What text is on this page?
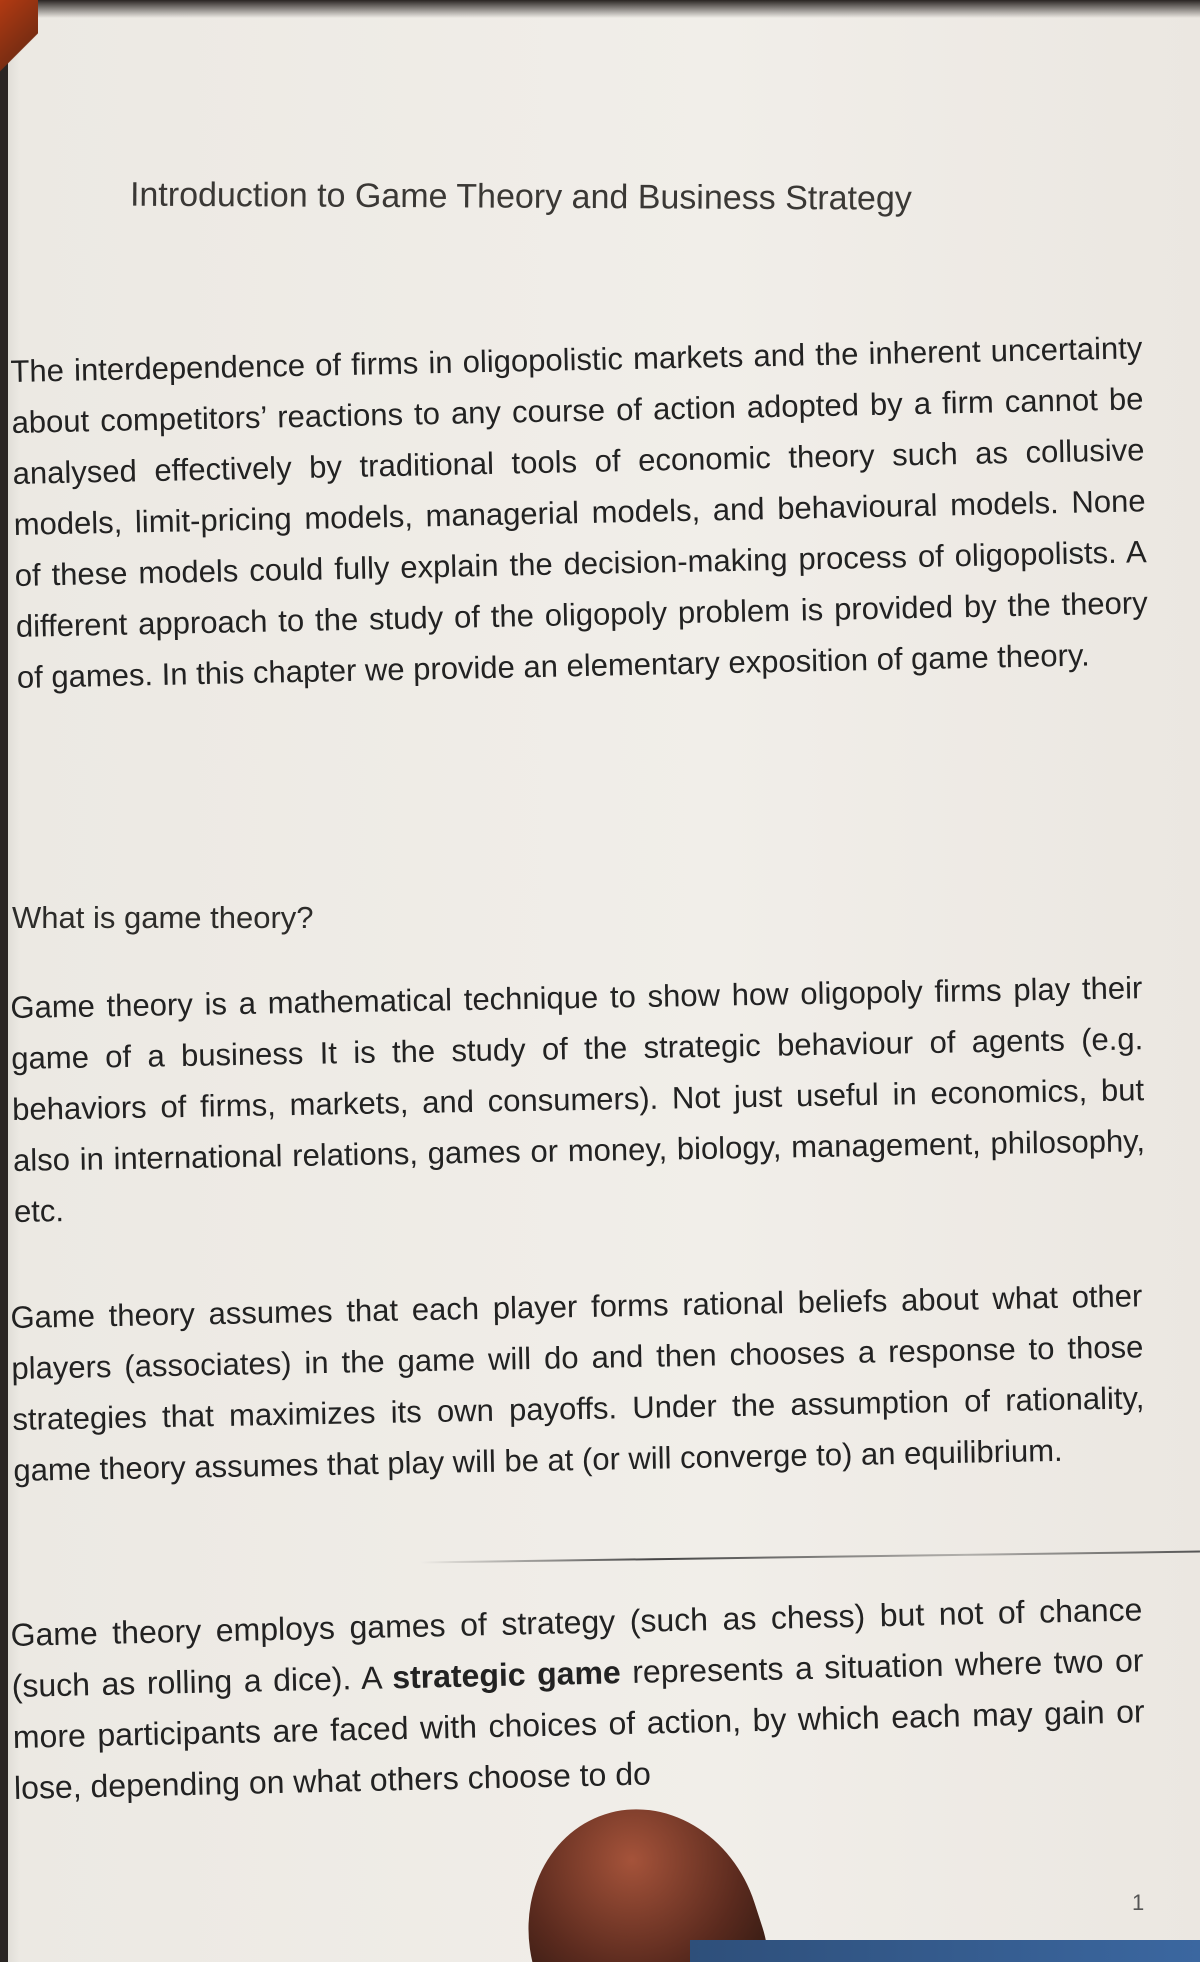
Introduction to Game Theory and Business Strategy

The interdependence of firms in oligopolistic markets and the inherent uncertainty about competitors’ reactions to any course of action adopted by a firm cannot be analysed effectively by traditional tools of economic theory such as collusive models, limit-pricing models, managerial models, and behavioural models. None of these models could fully explain the decision-making process of oligopolists. A different approach to the study of the oligopoly problem is provided by the theory of games. In this chapter we provide an elementary exposition of game theory.

What is game theory?

Game theory is a mathematical technique to show how oligopoly firms play their game of a business It is the study of the strategic behaviour of agents (e.g. behaviors of firms, markets, and consumers). Not just useful in economics, but also in international relations, games or money, biology, management, philosophy, etc.

Game theory assumes that each player forms rational beliefs about what other players (associates) in the game will do and then chooses a response to those strategies that maximizes its own payoffs. Under the assumption of rationality, game theory assumes that play will be at (or will converge to) an equilibrium.

Game theory employs games of strategy (such as chess) but not of chance (such as rolling a dice). A strategic game represents a situation where two or more participants are faced with choices of action, by which each may gain or lose, depending on what others choose to do

1
